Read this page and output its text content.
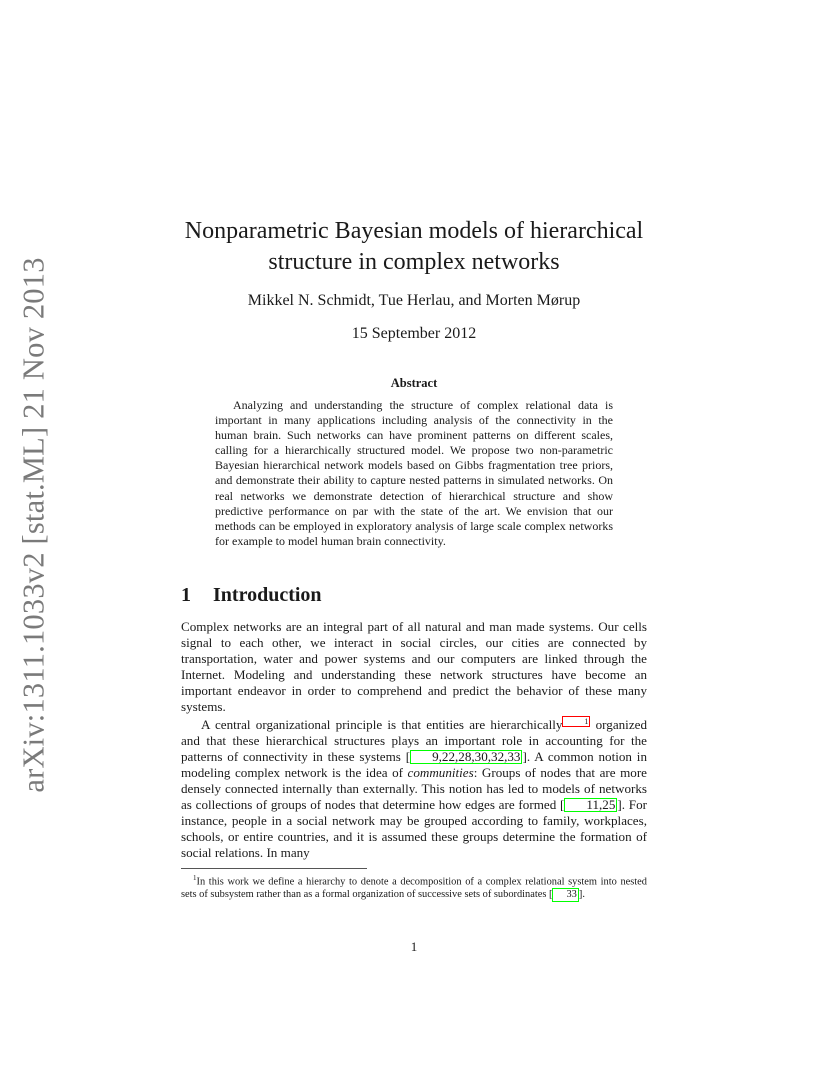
arXiv:1311.1033v2 [stat.ML] 21 Nov 2013
Nonparametric Bayesian models of hierarchical
structure in complex networks
Mikkel N. Schmidt, Tue Herlau, and Morten Mørup
15 September 2012
Abstract

Analyzing and understanding the structure of complex relational data is important in many applications including analysis of the connectivity in the human brain. Such networks can have prominent patterns on different scales, calling for a hierarchically structured model. We propose two non-parametric Bayesian hierarchical network models based on Gibbs fragmentation tree priors, and demonstrate their ability to capture nested patterns in simulated networks. On real networks we demonstrate detection of hierarchical structure and show predictive performance on par with the state of the art. We envision that our methods can be employed in exploratory analysis of large scale complex networks for example to model human brain connectivity.

1 Introduction

Complex networks are an integral part of all natural and man made systems. Our cells signal to each other, we interact in social circles, our cities are connected by transportation, water and power systems and our computers are linked through the Internet. Modeling and understanding these network structures have become an important endeavor in order to comprehend and predict the behavior of these many systems.

A central organizational principle is that entities are hierarchically	1 organized and that these hierarchical structures plays an important role in accounting for the patterns of connectivity in these systems [ 9,22,28,30,32,33 ]. A common notion in modeling complex network is the idea of communities: Groups of nodes that are more densely connected internally than externally. This notion has led to models of networks as collections of groups of nodes that determine how edges are formed [ 11,25 ]. For instance, people in a social network may be grouped according to family, workplaces, schools, or entire countries, and it is assumed these groups determine the formation of social relations. In many

$^1$In this work we define a hierarchy to denote a decomposition of a complex relational system into nested sets of subsystem rather than as a formal organization of successive sets of subordinates [ 33 ].

1
